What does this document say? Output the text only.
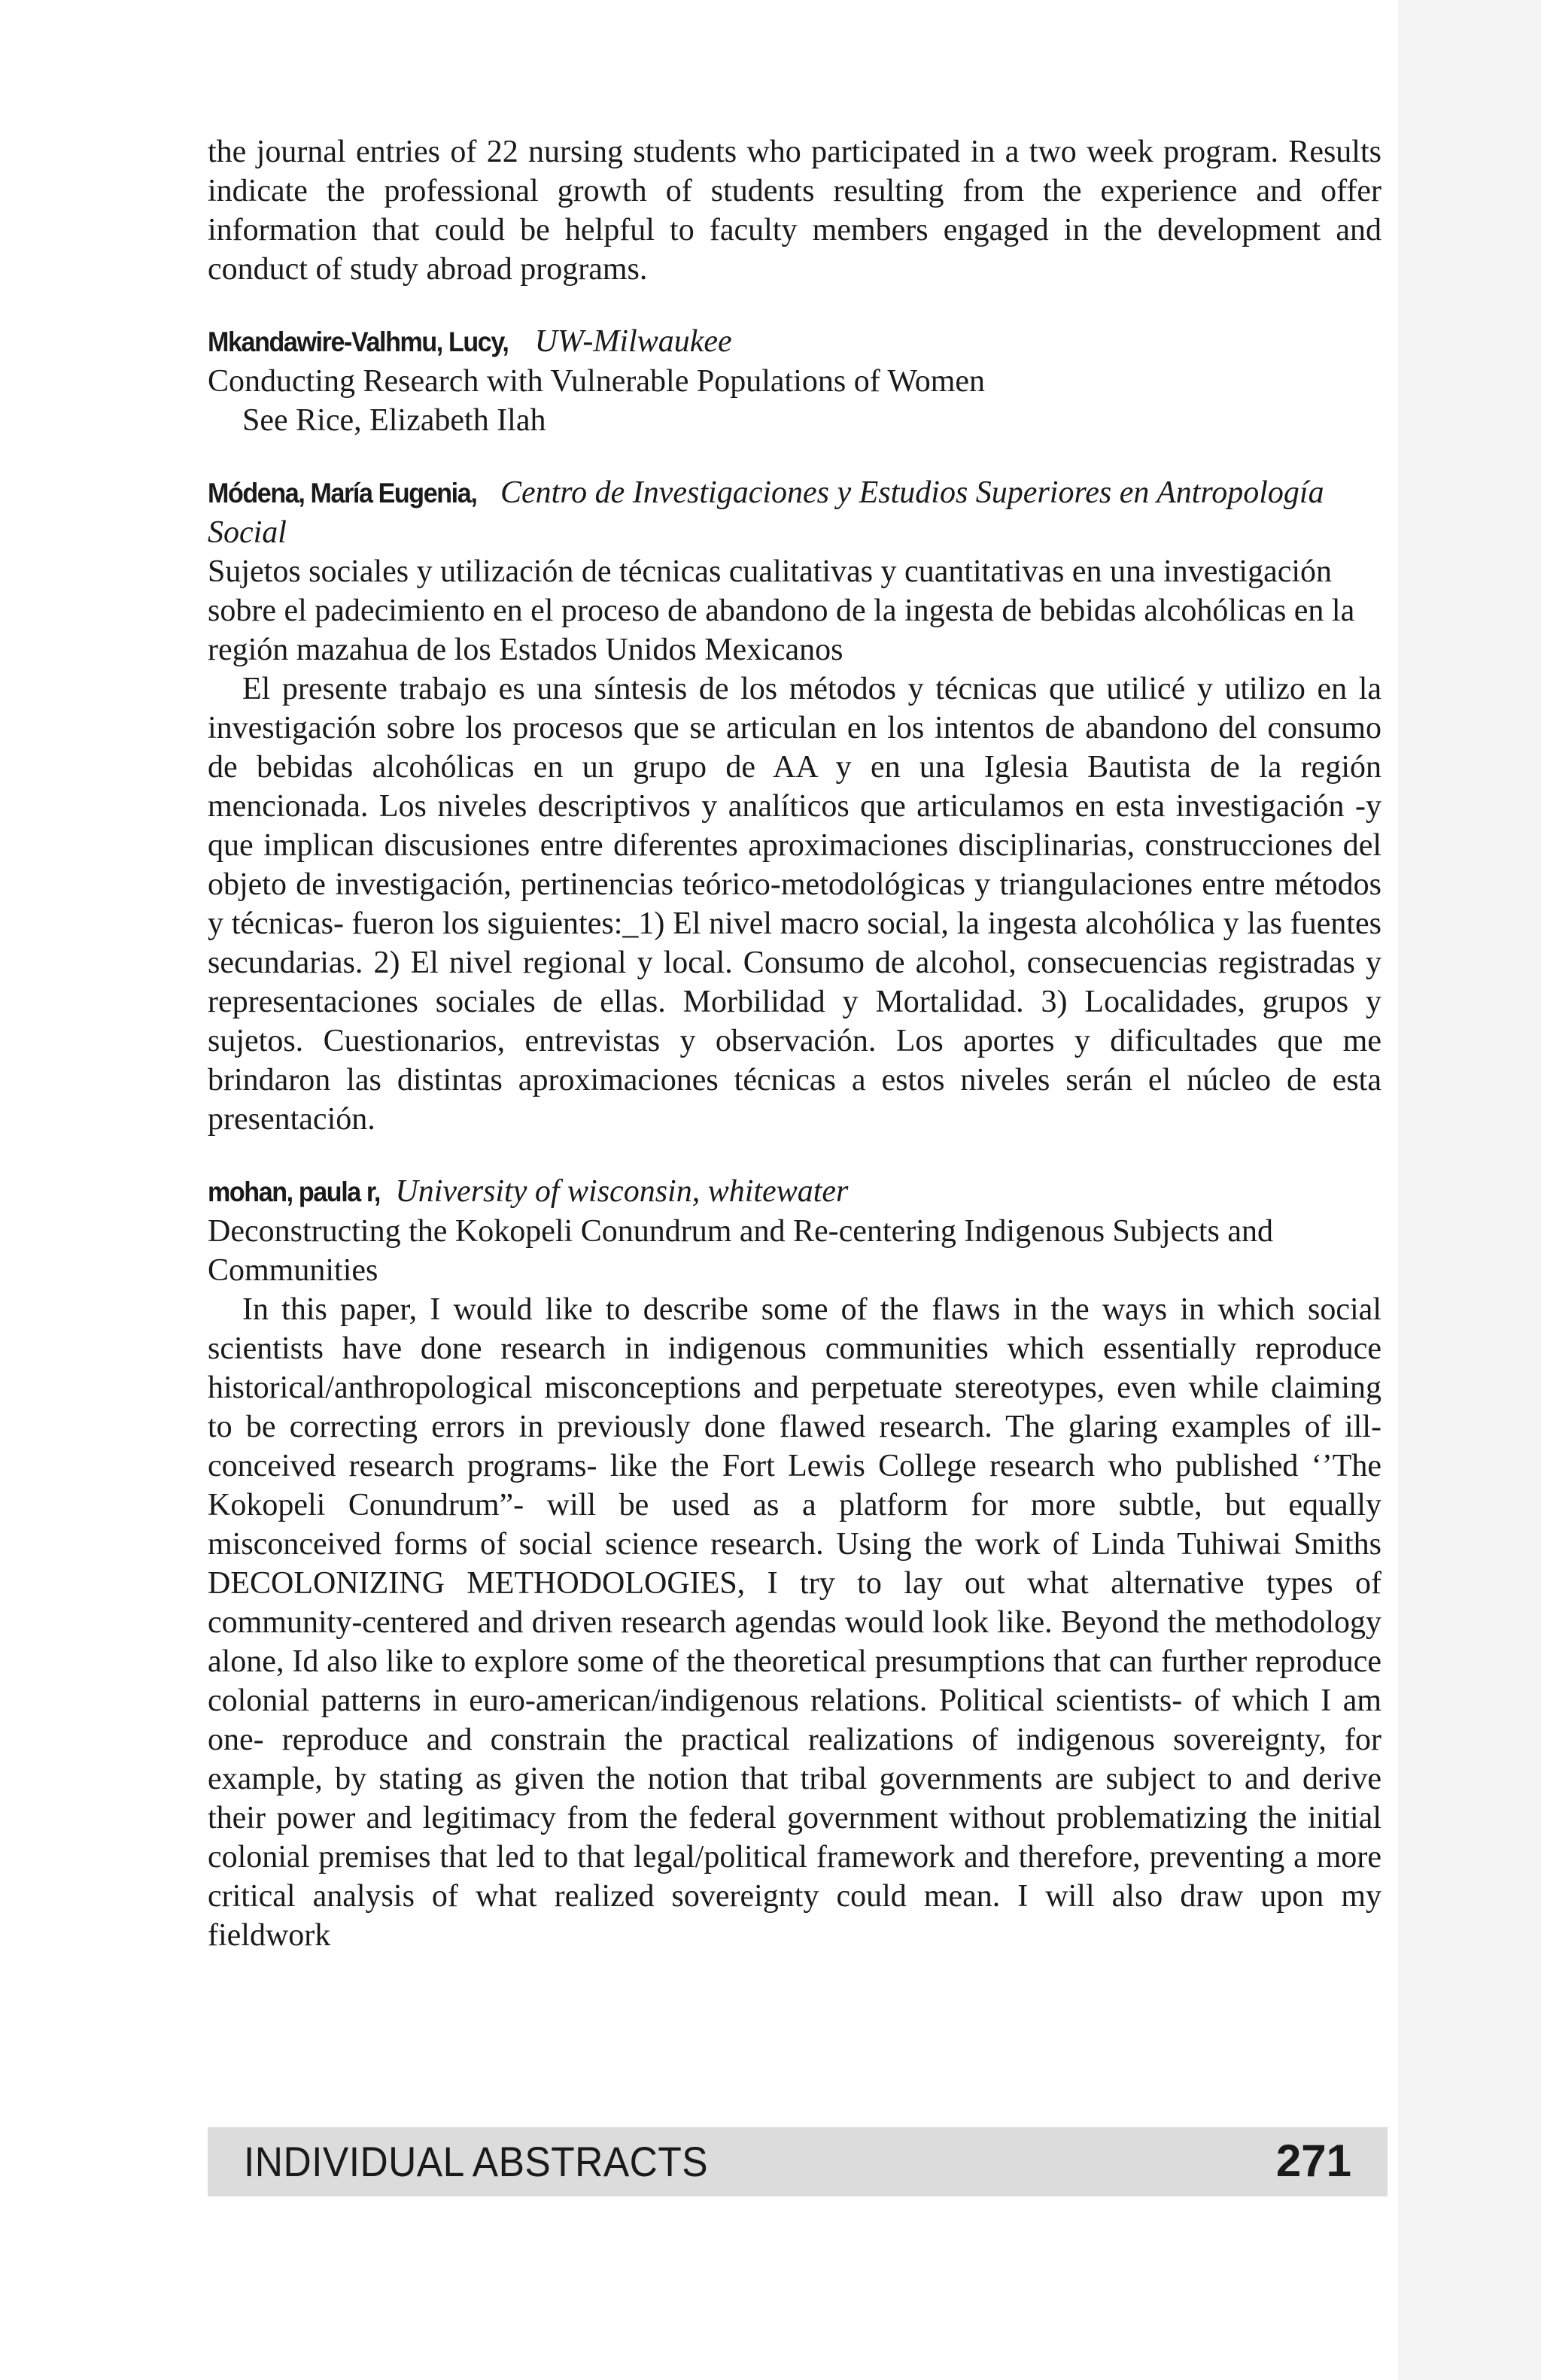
the journal entries of 22 nursing students who participated in a two week program. Results indicate the professional growth of students resulting from the experience and offer information that could be helpful to faculty members engaged in the development and conduct of study abroad programs.

Mkandawire-Valhmu, Lucy, UW-Milwaukee

Conducting Research with Vulnerable Populations of Women

See Rice, Elizabeth Ilah

Módena, María Eugenia, Centro de Investigaciones y Estudios Superiores en Antropología Social

Sujetos sociales y utilización de técnicas cualitativas y cuantitativas en una investigación sobre el padecimiento en el proceso de abandono de la ingesta de bebidas alcohólicas en la región mazahua de los Estados Unidos Mexicanos

El presente trabajo es una síntesis de los métodos y técnicas que utilicé y utilizo en la investigación sobre los procesos que se articulan en los intentos de abandono del consumo de bebidas alcohólicas en un grupo de AA y en una Iglesia Bautista de la región mencionada. Los niveles descriptivos y analíticos que articulamos en esta investigación -y que implican discusiones entre diferentes aproximaciones disciplinarias, construcciones del objeto de investigación, pertinencias teórico-metodológicas y triangulaciones entre métodos y técnicas- fueron los siguientes:_1) El nivel macro social, la ingesta alcohólica y las fuentes secundarias. 2) El nivel regional y local. Consumo de alcohol, consecuencias registradas y representaciones sociales de ellas. Morbilidad y Mortalidad. 3) Localidades, grupos y sujetos. Cuestionarios, entrevistas y observación. Los aportes y dificultades que me brindaron las distintas aproximaciones técnicas a estos niveles serán el núcleo de esta presentación.

mohan, paula r, University of wisconsin, whitewater

Deconstructing the Kokopeli Conundrum and Re-centering Indigenous Subjects and Communities

In this paper, I would like to describe some of the flaws in the ways in which social scientists have done research in indigenous communities which essentially reproduce historical/anthropological misconceptions and perpetuate stereotypes, even while claiming to be correcting errors in previously done flawed research. The glaring examples of ill-conceived research programs- like the Fort Lewis College research who published ‘’The Kokopeli Conundrum”- will be used as a platform for more subtle, but equally misconceived forms of social science research. Using the work of Linda Tuhiwai Smiths DECOLONIZING METHODOLOGIES, I try to lay out what alternative types of community-centered and driven research agendas would look like. Beyond the methodology alone, Id also like to explore some of the theoretical presumptions that can further reproduce colonial patterns in euro-american/indigenous relations. Political scientists- of which I am one- reproduce and constrain the practical realizations of indigenous sovereignty, for example, by stating as given the notion that tribal governments are subject to and derive their power and legitimacy from the federal government without problematizing the initial colonial premises that led to that legal/political framework and therefore, preventing a more critical analysis of what realized sovereignty could mean. I will also draw upon my fieldwork

INDIVIDUAL ABSTRACTS	271
